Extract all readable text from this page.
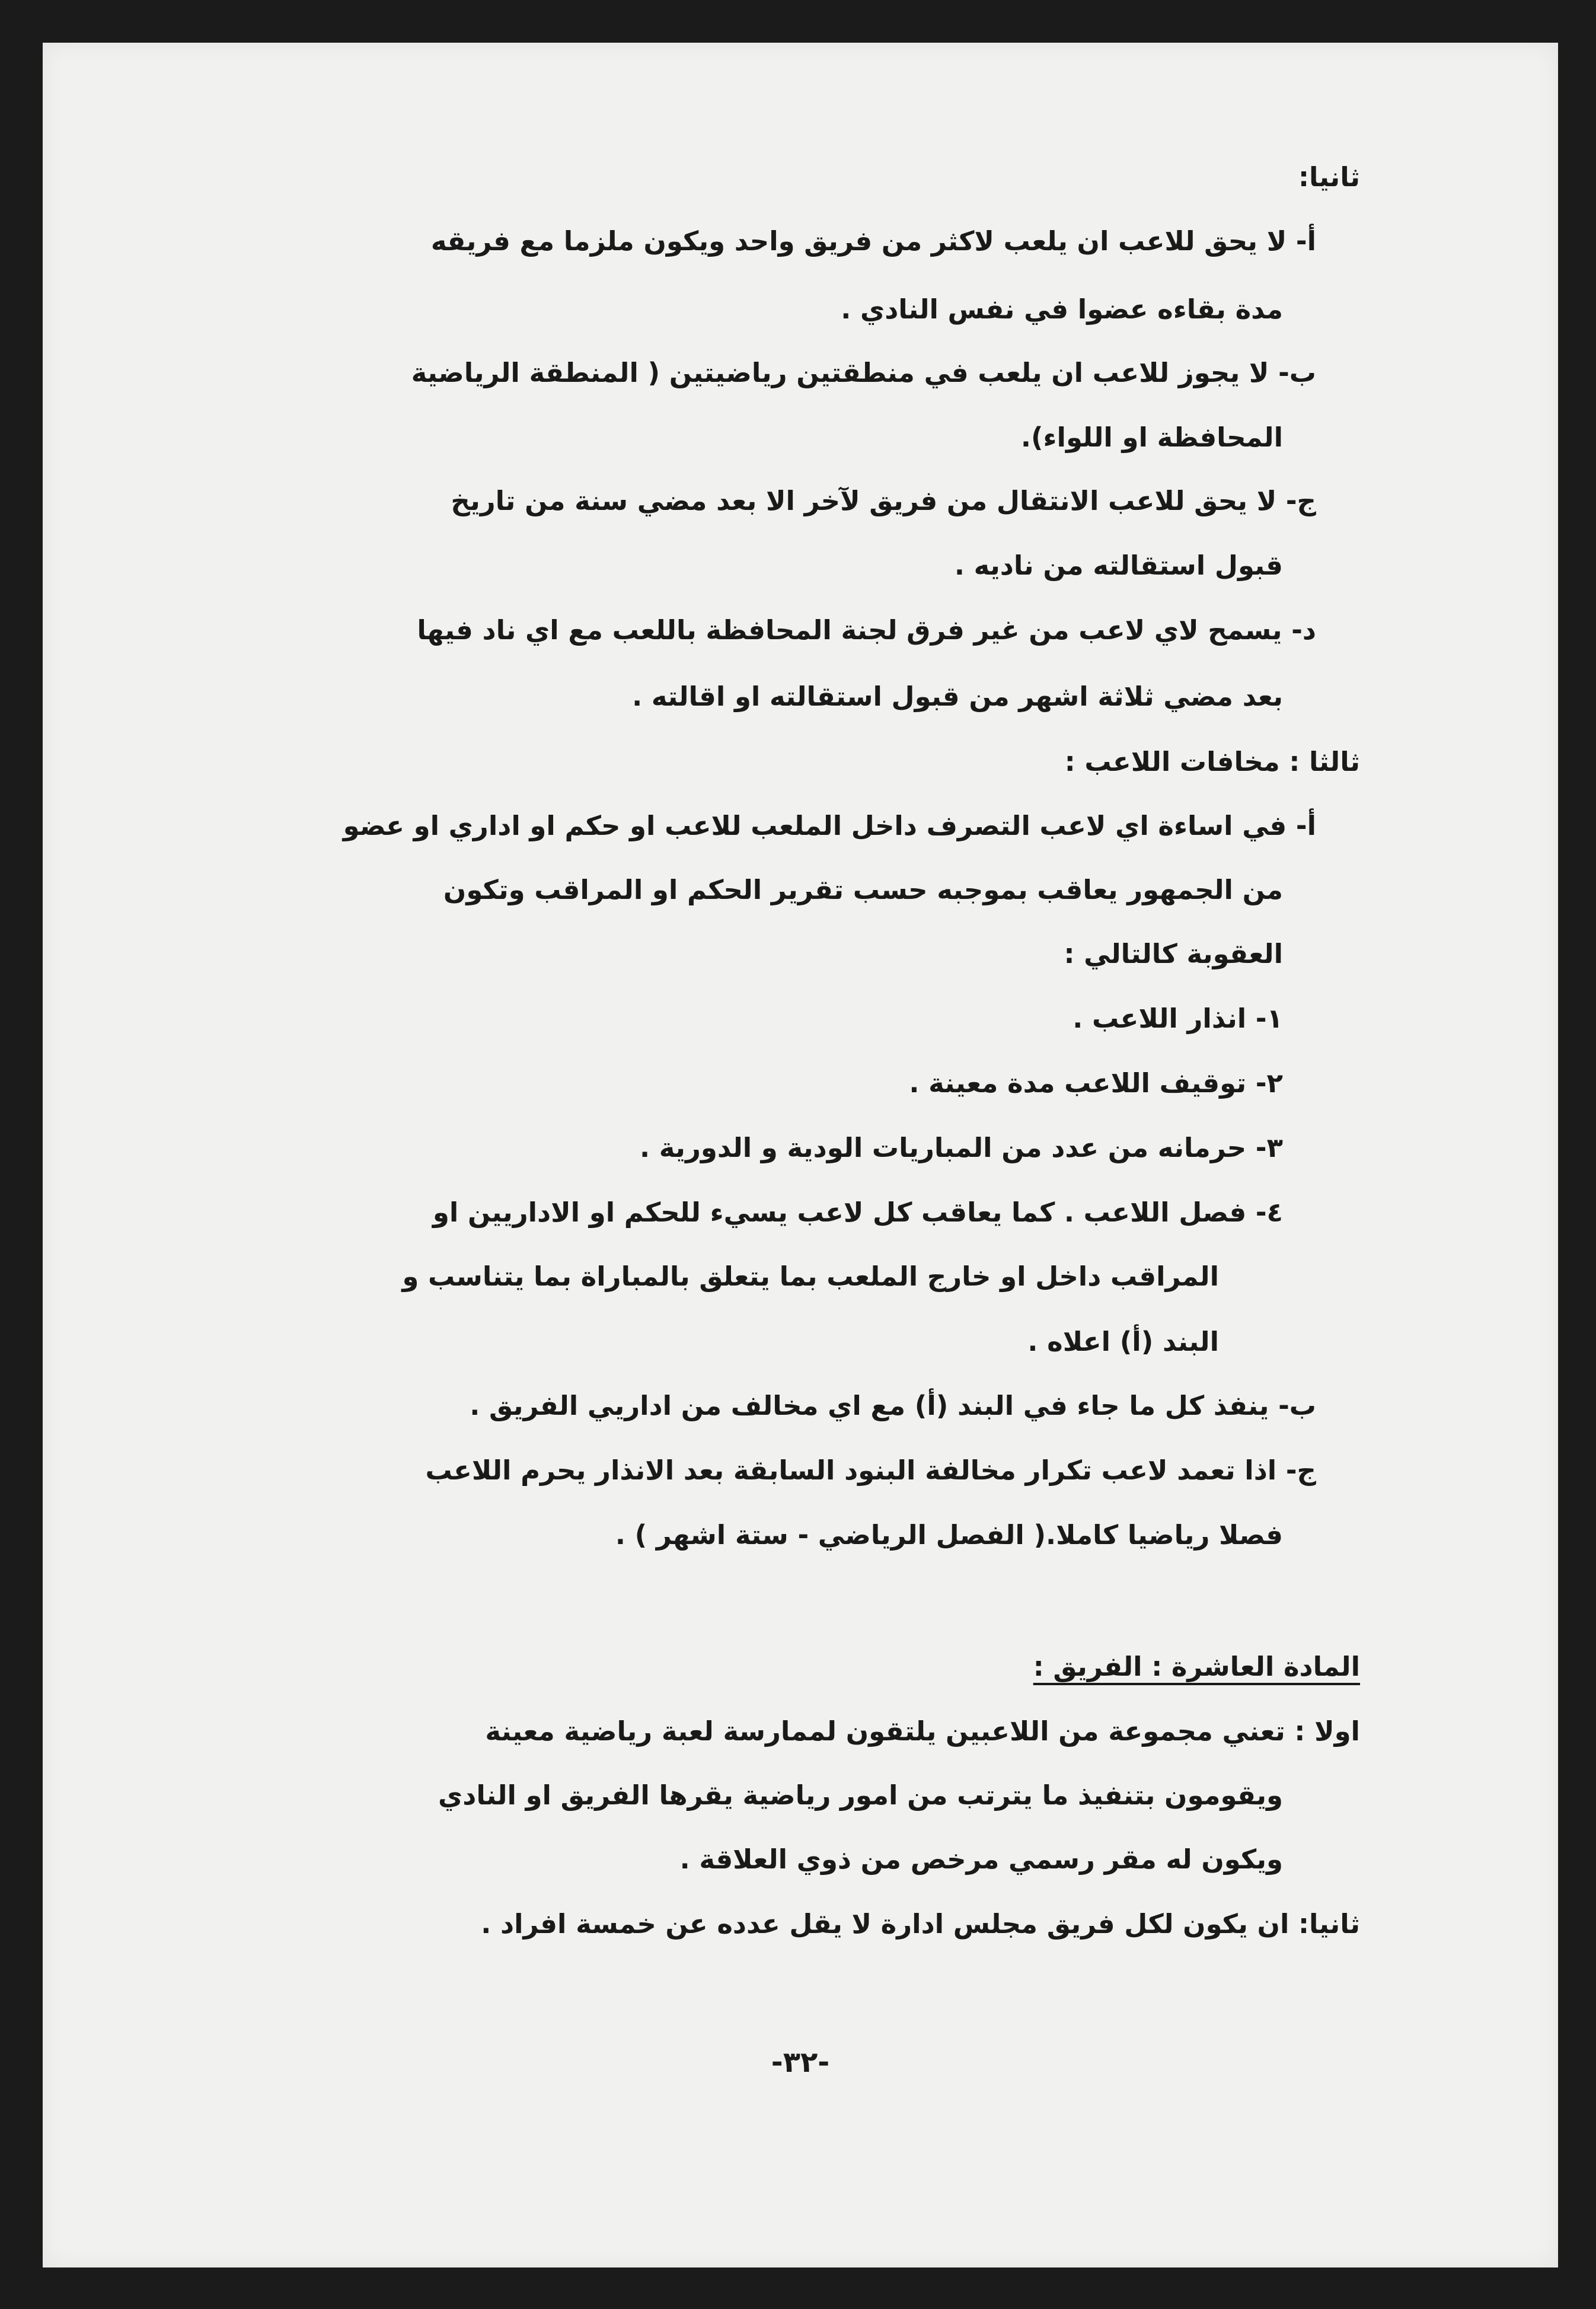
ثانيا:
أ- لا يحق للاعب ان يلعب لاكثر من فريق واحد ويكون ملزما مع فريقه
مدة بقاءه عضوا في نفس النادي .
ب- لا يجوز للاعب ان يلعب في منطقتين رياضيتين ( المنطقة الرياضية
المحافظة او اللواء).
ج- لا يحق للاعب الانتقال من فريق لآخر الا بعد مضي سنة من تاريخ
قبول استقالته من ناديه .
د- يسمح لاي لاعب من غير فرق لجنة المحافظة باللعب مع اي ناد فيها
بعد مضي ثلاثة اشهر من قبول استقالته او اقالته .
ثالثا : مخافات اللاعب :
أ- في اساءة اي لاعب التصرف داخل الملعب للاعب او حكم او اداري او عضو
من الجمهور يعاقب بموجبه حسب تقرير الحكم او المراقب وتكون
العقوبة كالتالي :
١- انذار اللاعب .
٢- توقيف اللاعب مدة معينة .
٣- حرمانه من عدد من المباريات الودية و الدورية .
٤- فصل اللاعب . كما يعاقب كل لاعب يسيء للحكم او الاداريين او
المراقب داخل او خارج الملعب بما يتعلق بالمباراة بما يتناسب و
البند (أ) اعلاه .
ب- ينفذ كل ما جاء في البند (أ) مع اي مخالف من اداريي الفريق .
ج- اذا تعمد لاعب تكرار مخالفة البنود السابقة بعد الانذار يحرم اللاعب
فصلا رياضيا كاملا.( الفصل الرياضي - ستة اشهر ) .
المادة العاشرة : الفريق :
اولا : تعني مجموعة من اللاعبين يلتقون لممارسة لعبة رياضية معينة
ويقومون بتنفيذ ما يترتب من امور رياضية يقرها الفريق او النادي
ويكون له مقر رسمي مرخص من ذوي العلاقة .
ثانيا: ان يكون لكل فريق مجلس ادارة لا يقل عدده عن خمسة افراد .
-٣٢-
